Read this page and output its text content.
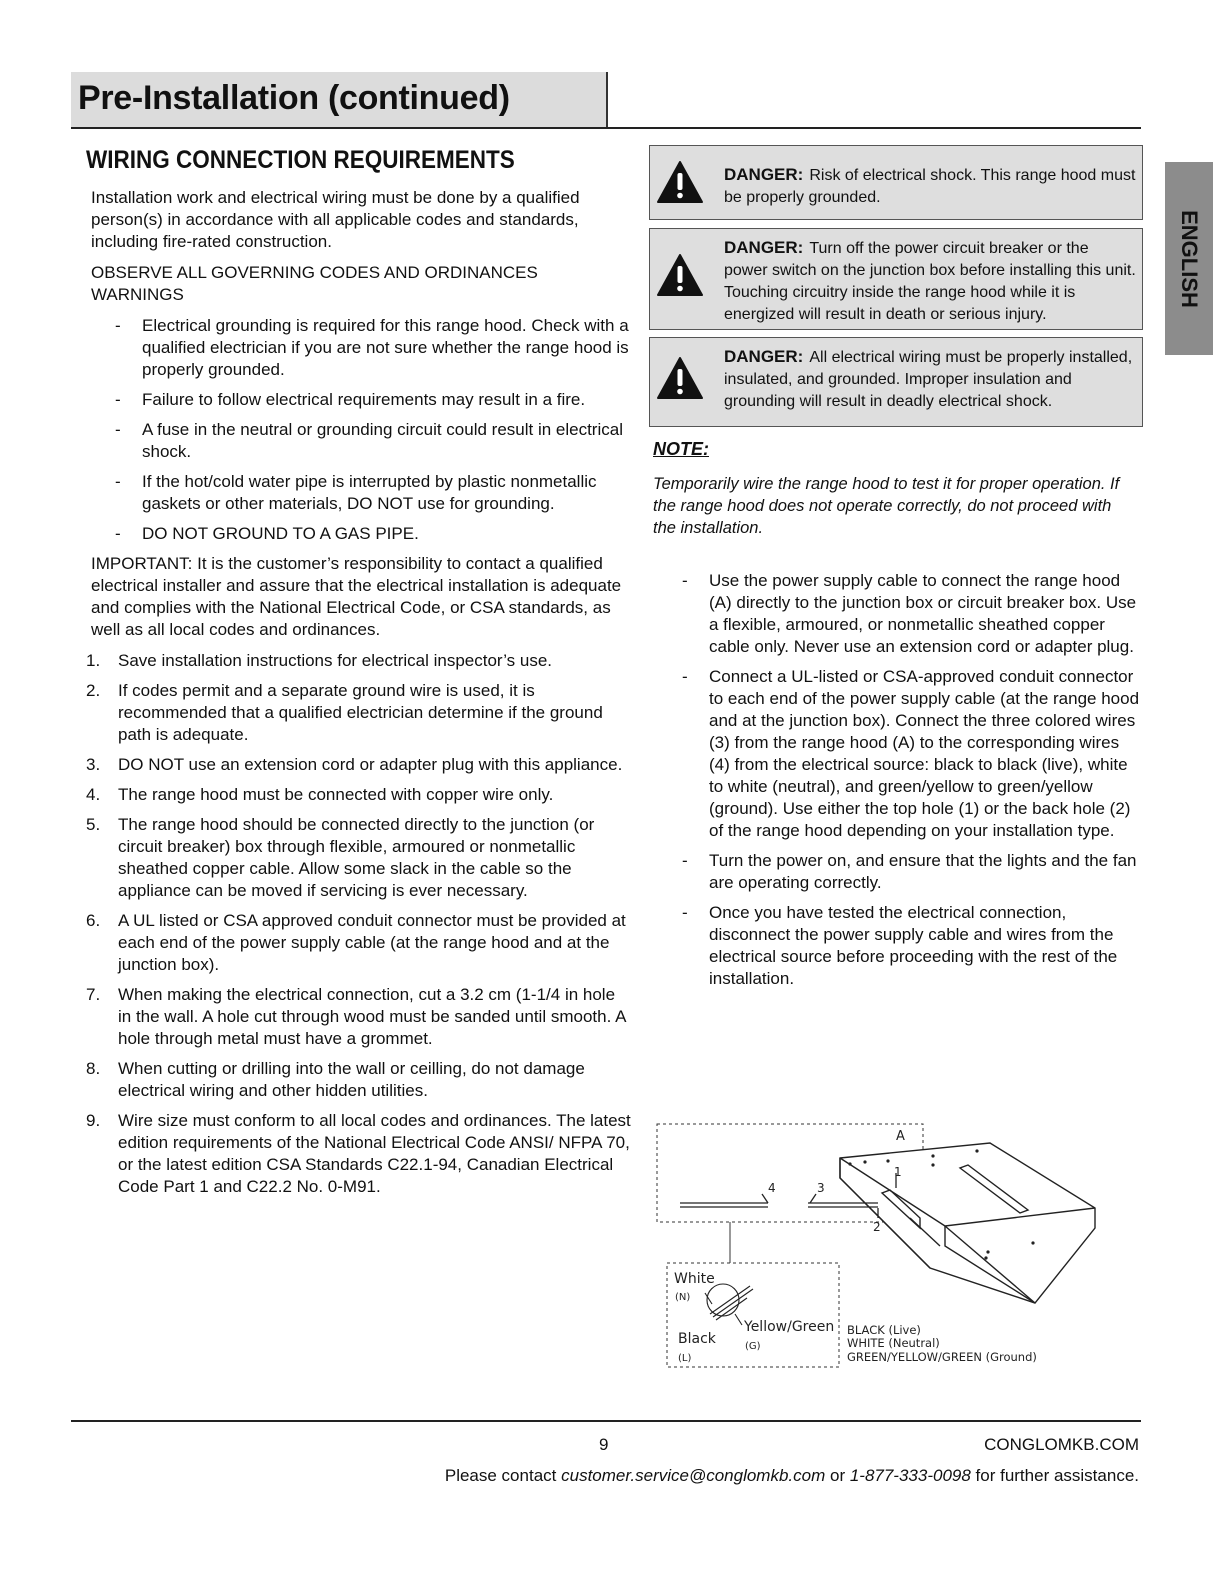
Pre-Installation (continued)
ENGLISH
WIRING CONNECTION REQUIREMENTS

Installation work and electrical wiring must be done by a qualified person(s) in accordance with all applicable codes and standards, including fire-rated construction.

OBSERVE ALL GOVERNING CODES AND ORDINANCES WARNINGS

- Electrical grounding is required for this range hood. Check with a qualified electrician if you are not sure whether the range hood is properly grounded.
- Failure to follow electrical requirements may result in a fire.
- A fuse in the neutral or grounding circuit could result in electrical shock.
- If the hot/cold water pipe is interrupted by plastic nonmetallic gaskets or other materials, DO NOT use for grounding.
- DO NOT GROUND TO A GAS PIPE.

IMPORTANT: It is the customer’s responsibility to contact a qualified electrical installer and assure that the electrical installation is adequate and complies with the National Electrical Code, or CSA standards, as well as all local codes and ordinances.

1. Save installation instructions for electrical inspector’s use.
2. If codes permit and a separate ground wire is used, it is recommended that a qualified electrician determine if the ground path is adequate.
3. DO NOT use an extension cord or adapter plug with this appliance.
4. The range hood must be connected with copper wire only.
5. The range hood should be connected directly to the junction (or circuit breaker) box through flexible, armoured or nonmetallic sheathed copper cable. Allow some slack in the cable so the appliance can be moved if servicing is ever necessary.
6. A UL listed or CSA approved conduit connector must be provided at each end of the power supply cable (at the range hood and at the junction box).
7. When making the electrical connection, cut a 3.2 cm (1-1/4 in hole in the wall. A hole cut through wood must be sanded until smooth. A hole through metal must have a grommet.
8. When cutting or drilling into the wall or ceilling, do not damage electrical wiring and other hidden utilities.
9. Wire size must conform to all local codes and ordinances. The latest edition requirements of the National Electrical Code ANSI/ NFPA 70, or the latest edition CSA Standards C22.1-94, Canadian Electrical Code Part 1 and C22.2 No. 0-M91.
DANGER: Risk of electrical shock. This range hood must be properly grounded.
DANGER: Turn off the power circuit breaker or the power switch on the junction box before installing this unit. Touching circuitry inside the range hood while it is energized will result in death or serious injury.
DANGER: All electrical wiring must be properly installed, insulated, and grounded. Improper insulation and grounding will result in deadly electrical shock.
NOTE:
Temporarily wire the range hood to test it for proper operation. If the range hood does not operate correctly, do not proceed with the installation.
- Use the power supply cable to connect the range hood (A) directly to the junction box or circuit breaker box. Use a flexible, armoured, or nonmetallic sheathed copper cable only. Never use an extension cord or adapter plug.
- Connect a UL-listed or CSA-approved conduit connector to each end of the power supply cable (at the range hood and at the junction box). Connect the three colored wires (3) from the range hood (A) to the corresponding wires (4) from the electrical source: black to black (live), white to white (neutral), and green/yellow to green/yellow (ground). Use either the top hole (1) or the back hole (2) of the range hood depending on your installation type.
- Turn the power on, and ensure that the lights and the fan are operating correctly.
- Once you have tested the electrical connection, disconnect the power supply cable and wires from the electrical source before proceeding with the rest of the installation.
A
1
2
3
4
White
(N)
Black
(L)
Yellow/Green
(G)
BLACK (Live)
WHITE (Neutral)
GREEN/YELLOW/GREEN (Ground)
9	CONGLOMKB.COM
Please contact customer.service@conglomkb.com or 1-877-333-0098 for further assistance.
